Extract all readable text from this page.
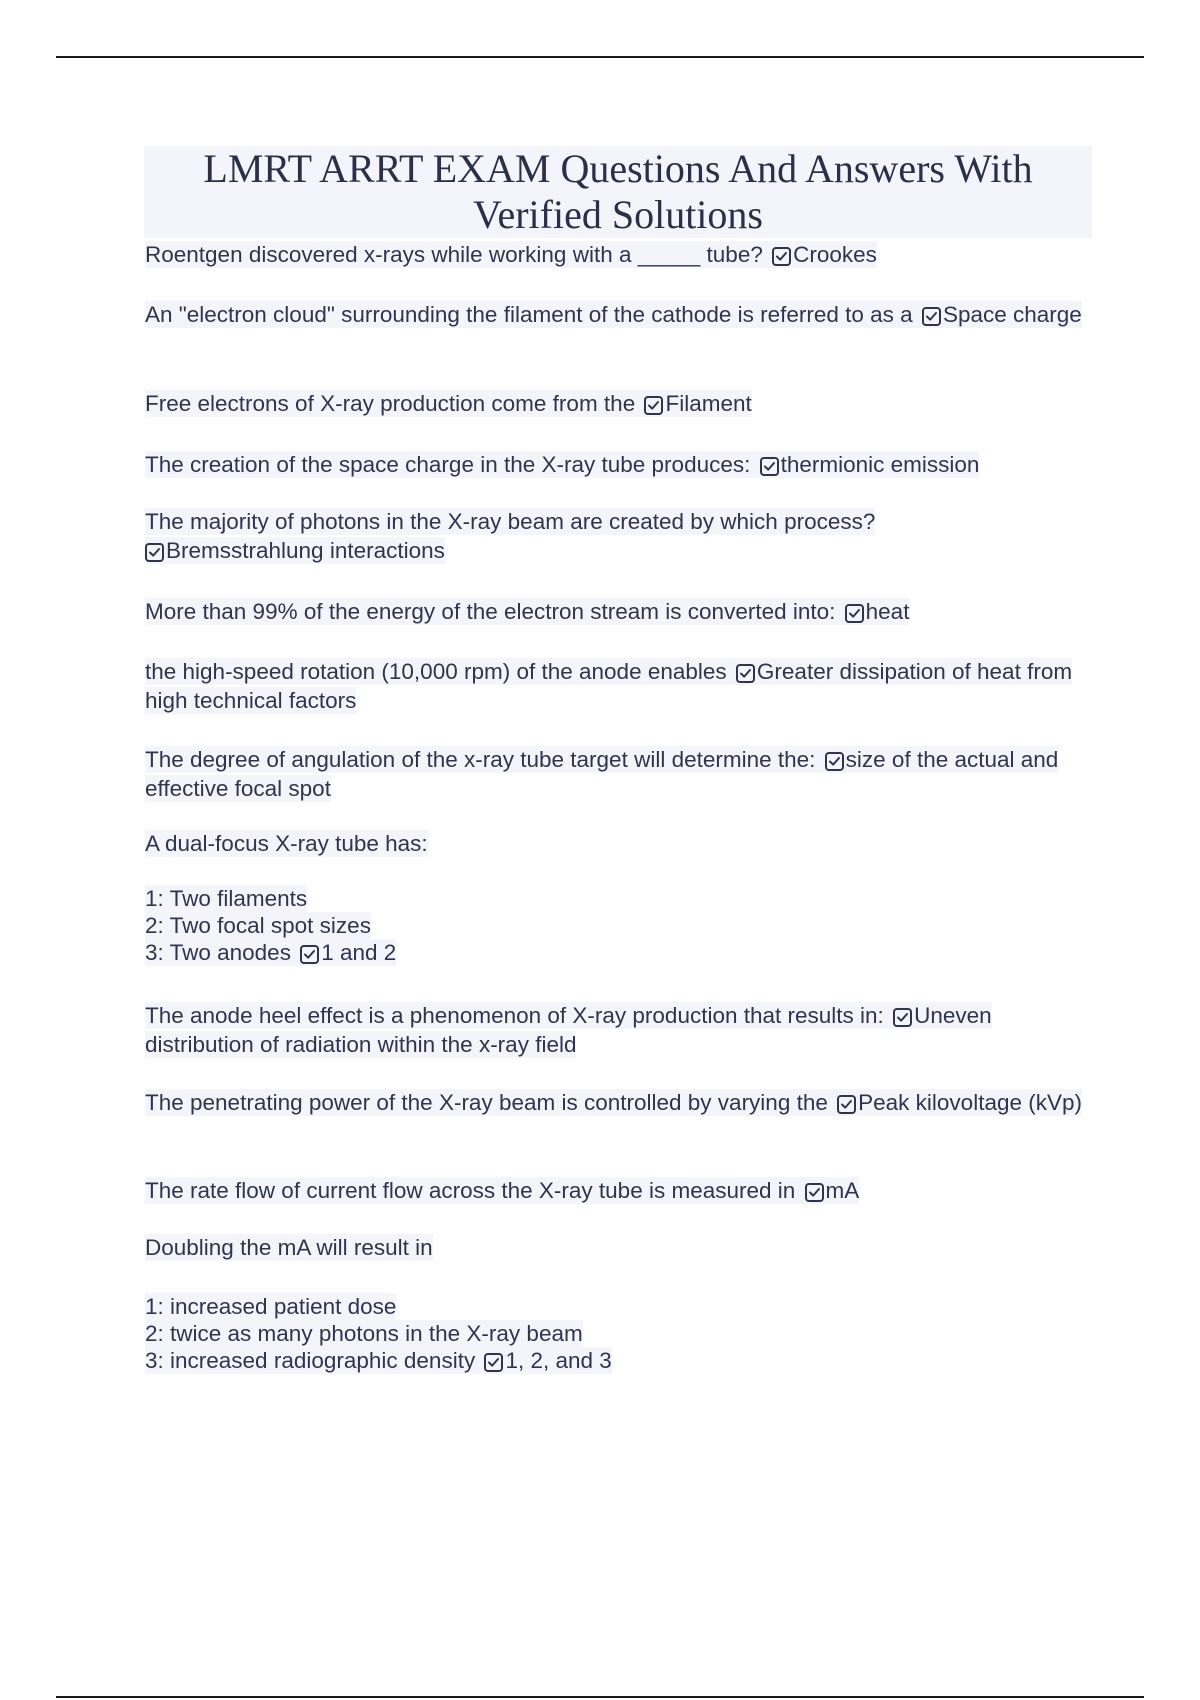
LMRT ARRT EXAM Questions And Answers With
Verified Solutions

Roentgen discovered x-rays while working with a _____ tube? Crookes

An "electron cloud" surrounding the filament of the cathode is referred to as a Space charge

Free electrons of X-ray production come from the Filament

The creation of the space charge in the X-ray tube produces: thermionic emission

The majority of photons in the X-ray beam are created by which process?

Bremsstrahlung interactions

More than 99% of the energy of the electron stream is converted into: heat

the high-speed rotation (10,000 rpm) of the anode enables Greater dissipation of heat from high technical factors

The degree of angulation of the x-ray tube target will determine the: size of the actual and effective focal spot

A dual-focus X-ray tube has:

1: Two filaments
2: Two focal spot sizes
3: Two anodes 1 and 2

The anode heel effect is a phenomenon of X-ray production that results in: Uneven distribution of radiation within the x-ray field

The penetrating power of the X-ray beam is controlled by varying the Peak kilovoltage (kVp)

The rate flow of current flow across the X-ray tube is measured in mA

Doubling the mA will result in

1: increased patient dose
2: twice as many photons in the X-ray beam
3: increased radiographic density 1, 2, and 3
